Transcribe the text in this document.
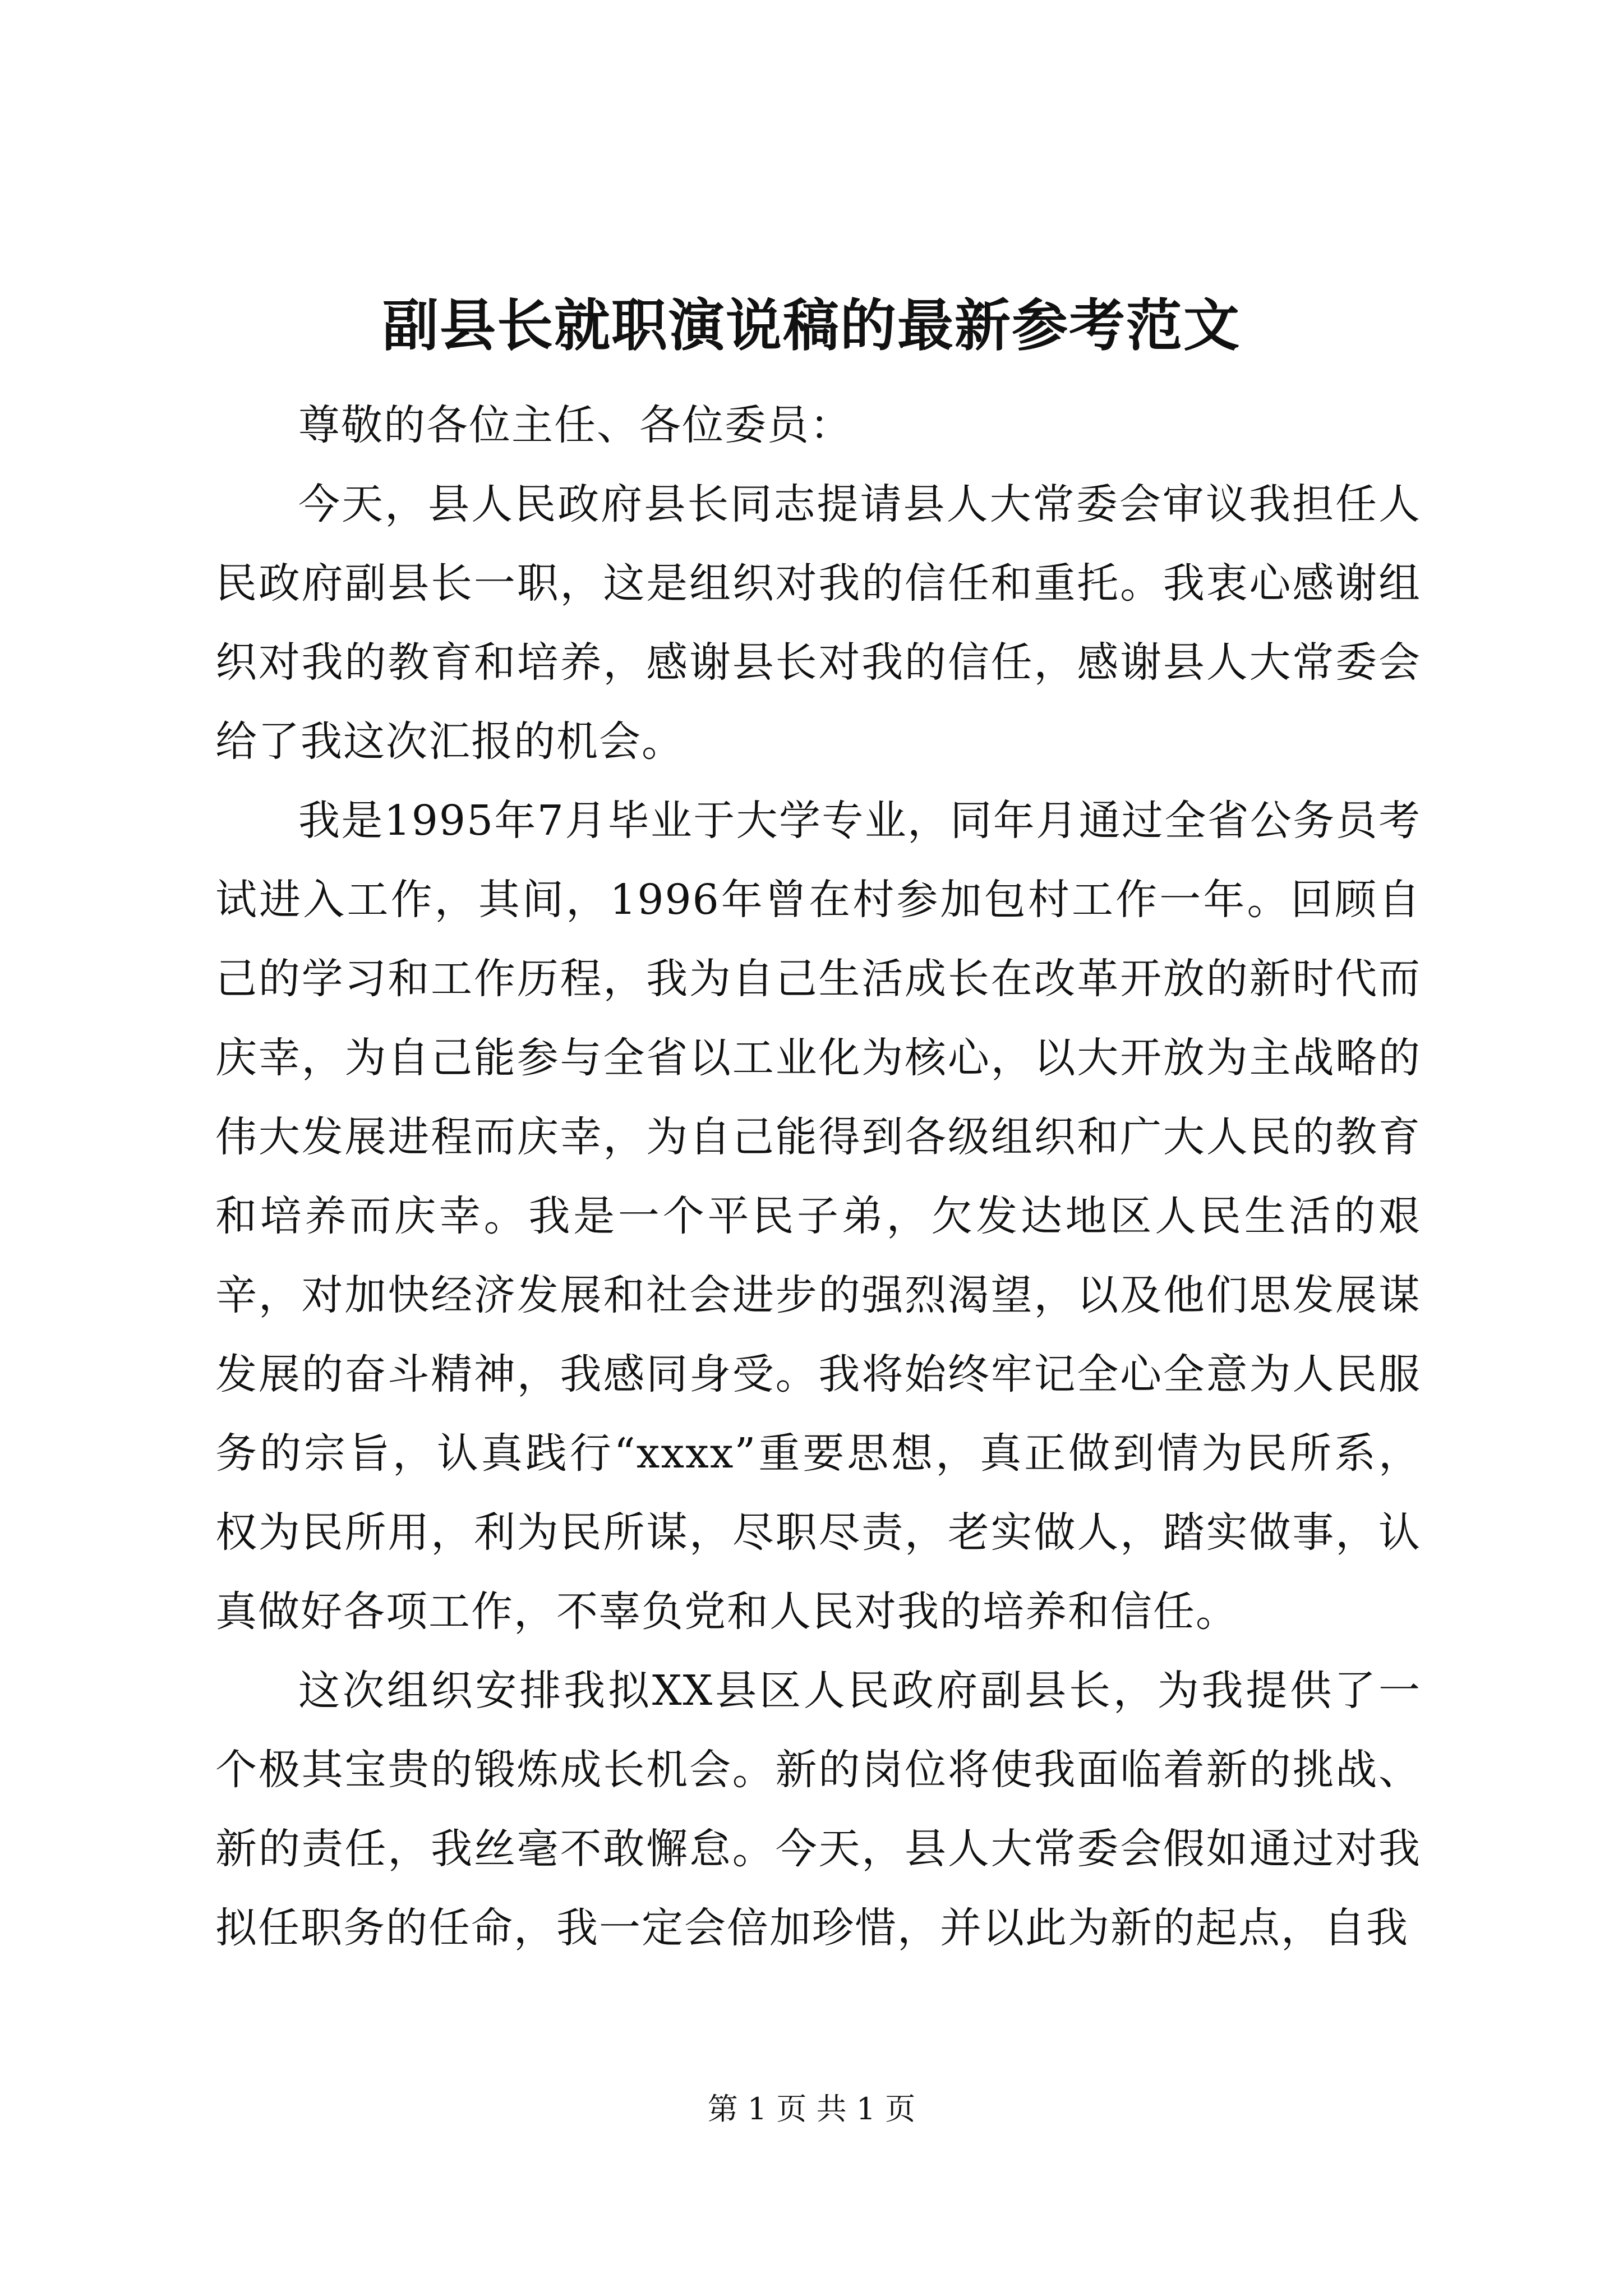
副县长就职演说稿的最新参考范文

尊敬的各位主任、各位委员：

今天，县人民政府县长同志提请县人大常委会审议我担任人民政府副县长一职，这是组织对我的信任和重托。我衷心感谢组织对我的教育和培养，感谢县长对我的信任，感谢县人大常委会给了我这次汇报的机会。

我是1995年7月毕业于大学专业，同年月通过全省公务员考试进入工作，其间，1996年曾在村参加包村工作一年。回顾自己的学习和工作历程，我为自己生活成长在改革开放的新时代而庆幸，为自己能参与全省以工业化为核心，以大开放为主战略的伟大发展进程而庆幸，为自己能得到各级组织和广大人民的教育和培养而庆幸。我是一个平民子弟，欠发达地区人民生活的艰辛，对加快经济发展和社会进步的强烈渴望，以及他们思发展谋发展的奋斗精神，我感同身受。我将始终牢记全心全意为人民服务的宗旨，认真践行“xxxx”重要思想，真正做到情为民所系，权为民所用，利为民所谋，尽职尽责，老实做人，踏实做事，认真做好各项工作，不辜负党和人民对我的培养和信任。

这次组织安排我拟XX县区人民政府副县长，为我提供了一个极其宝贵的锻炼成长机会。新的岗位将使我面临着新的挑战、新的责任，我丝毫不敢懈怠。今天，县人大常委会假如通过对我拟任职务的任命，我一定会倍加珍惜，并以此为新的起点，自我

第 1 页 共 1 页
